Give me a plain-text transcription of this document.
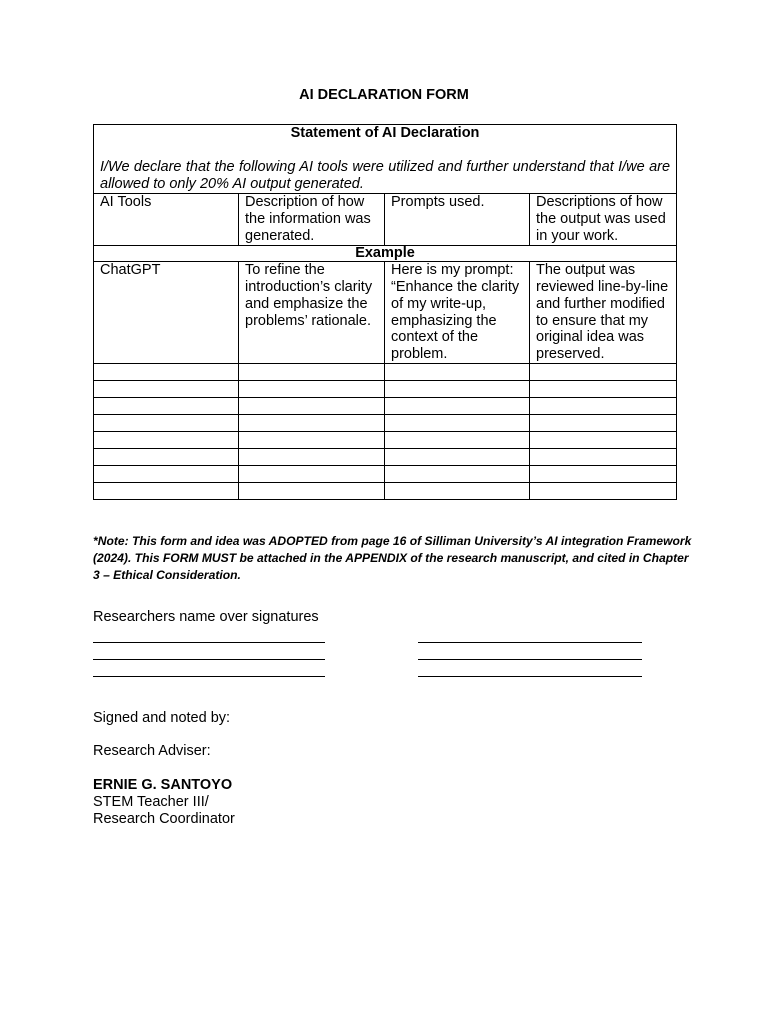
AI DECLARATION FORM
Statement of AI Declaration
I/We declare that the following AI tools were utilized and further understand that I/we are allowed to only 20% AI output generated.			

AI Tools	Description of how the information was generated.	Prompts used.	Descriptions of how the output was used in your work.
Example			
ChatGPT	To refine the introduction’s clarity and emphasize the problems’ rationale.	Here is my prompt: “Enhance the clarity of my write-up, emphasizing the context of the problem.	The output was reviewed line-by-line and further modified to ensure that my original idea was preserved.

*Note: This form and idea was ADOPTED from page 16 of Silliman University’s AI integration Framework (2024). This FORM MUST be attached in the APPENDIX of the research manuscript, and cited in Chapter 3 – Ethical Consideration.
Researchers name over signatures
Signed and noted by:
Research Adviser:
ERNIE G. SANTOYO
STEM Teacher III/
Research Coordinator
